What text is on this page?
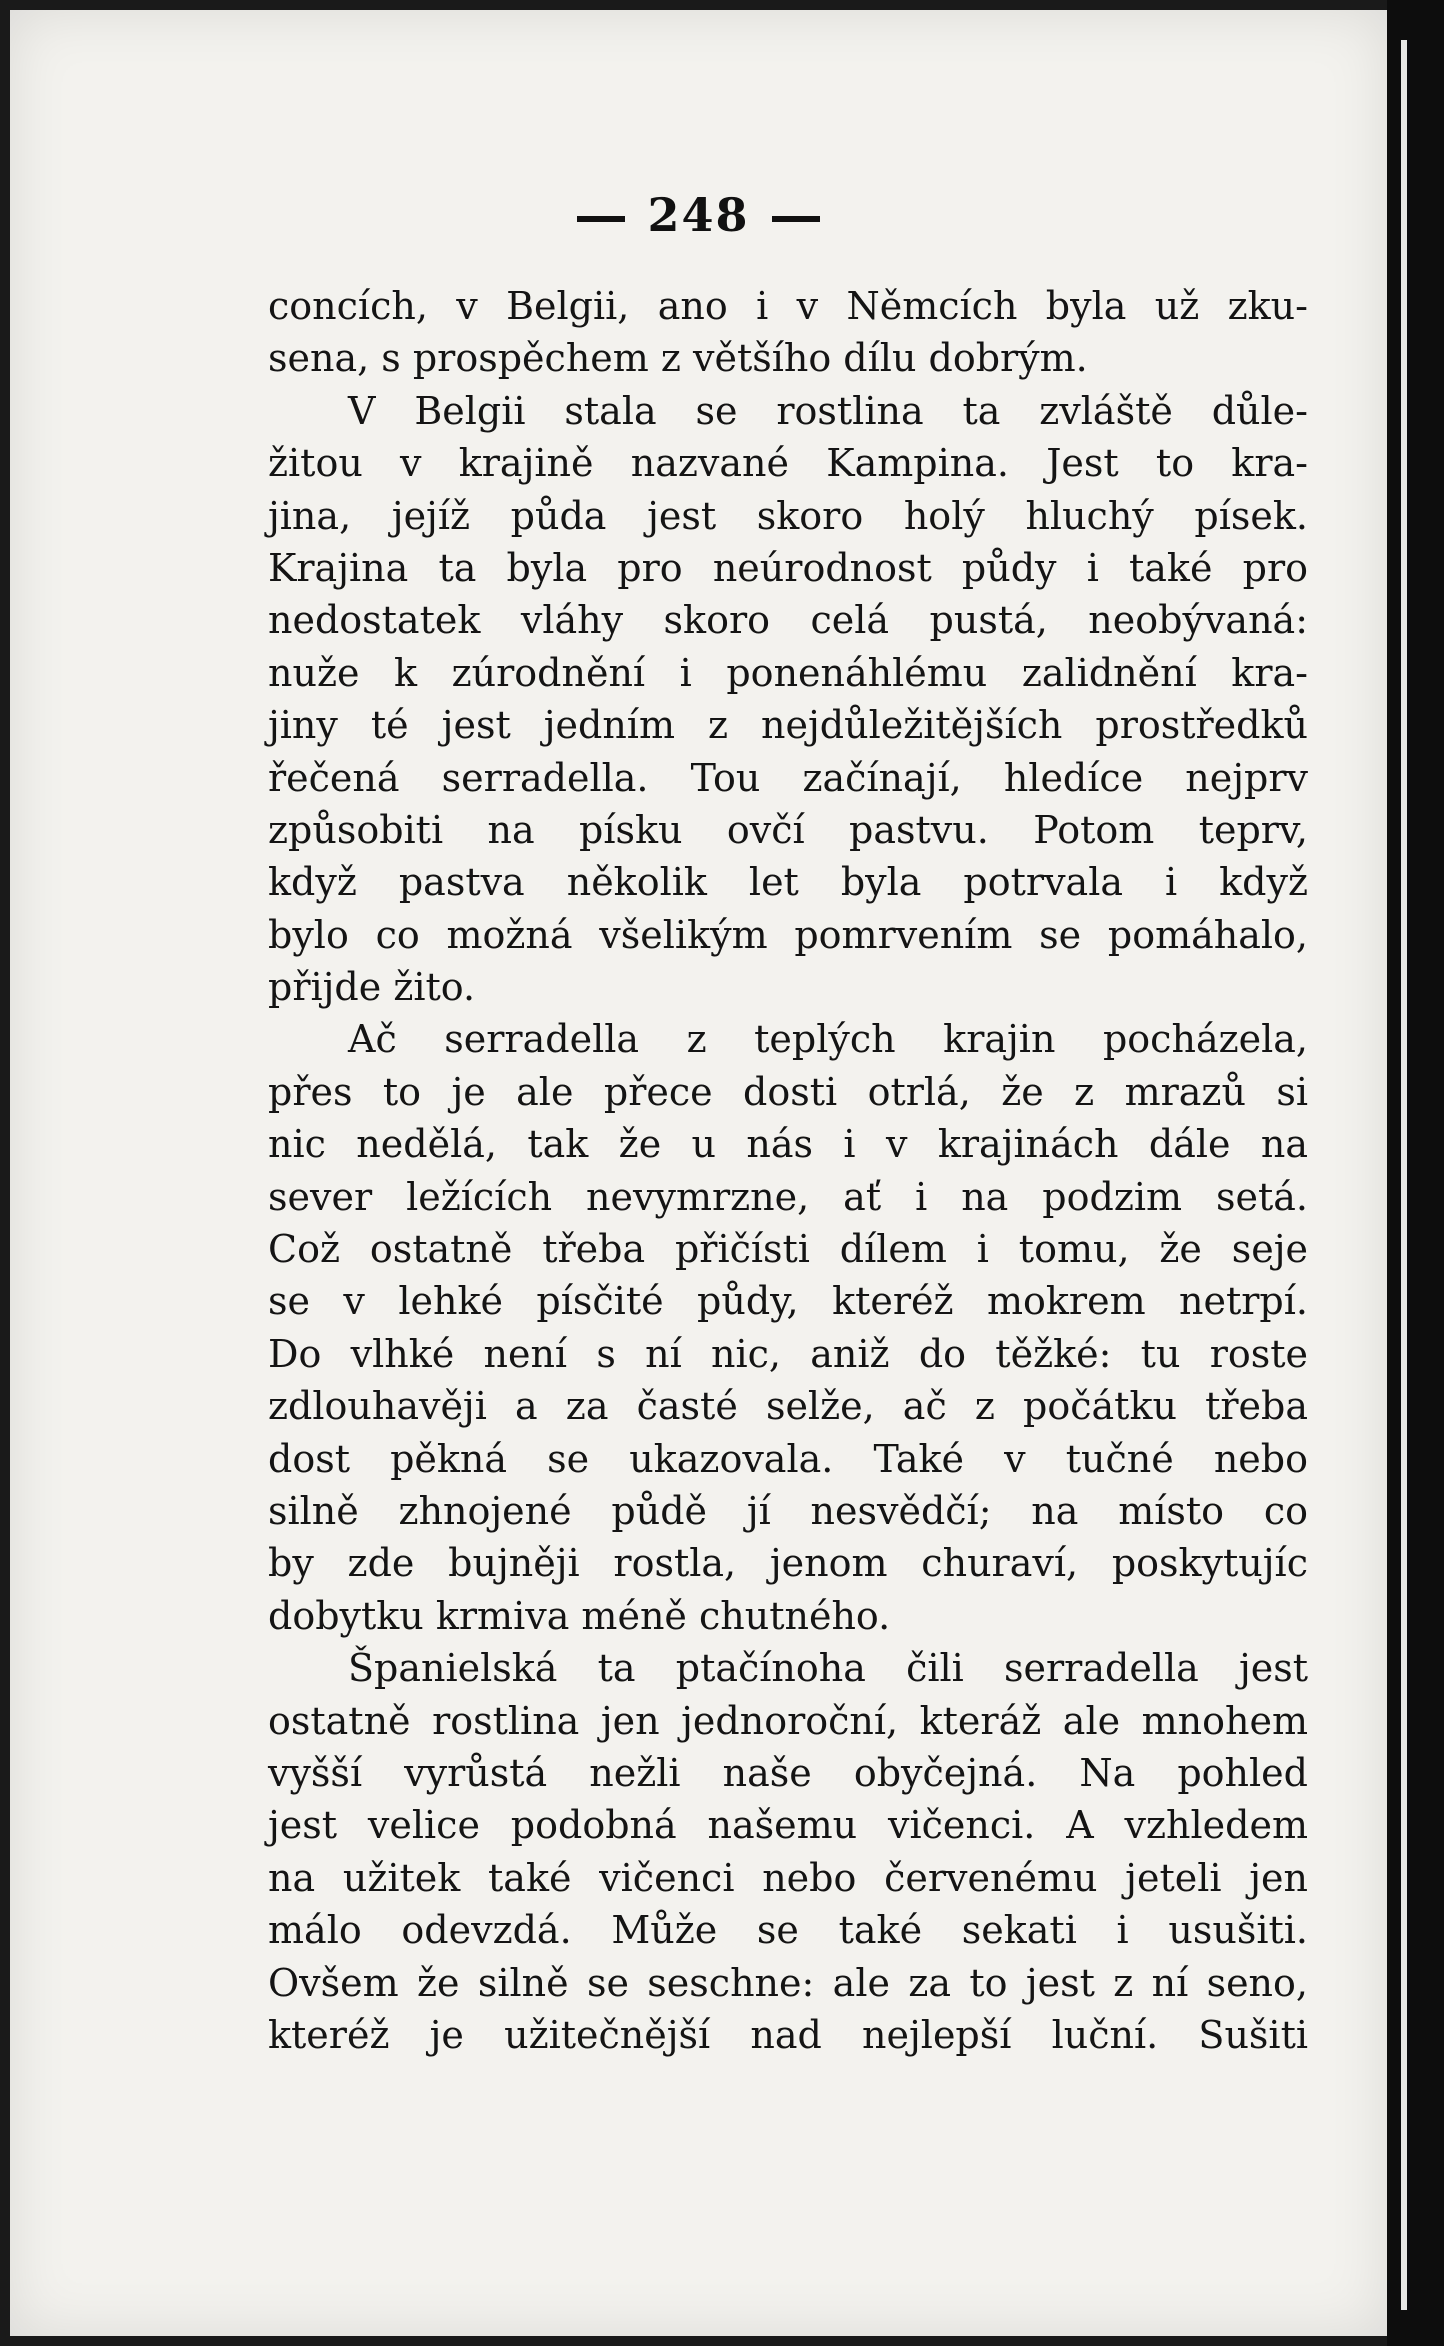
248
concích, v Belgii, ano i v Němcích byla už zku-
sena, s prospěchem z většího dílu dobrým.
V Belgii stala se rostlina ta zvláště důle-
žitou v krajině nazvané Kampina. Jest to kra-
jina, jejíž půda jest skoro holý hluchý písek.
Krajina ta byla pro neúrodnost půdy i také pro
nedostatek vláhy skoro celá pustá, neobývaná:
nuže k zúrodnění i ponenáhlému zalidnění kra-
jiny té jest jedním z nejdůležitějších prostředků
řečená serradella. Tou začínají, hledíce nejprv
způsobiti na písku ovčí pastvu. Potom teprv,
když pastva několik let byla potrvala i když
bylo co možná všelikým pomrvením se pomáhalo,
přijde žito.
Ač serradella z teplých krajin pocházela,
přes to je ale přece dosti otrlá, že z mrazů si
nic nedělá, tak že u nás i v krajinách dále na
sever ležících nevymrzne, ať i na podzim setá.
Což ostatně třeba přičísti dílem i tomu, že seje
se v lehké písčité půdy, kteréž mokrem netrpí.
Do vlhké není s ní nic, aniž do těžké: tu roste
zdlouhavěji a za časté selže, ač z počátku třeba
dost pěkná se ukazovala. Také v tučné nebo
silně zhnojené půdě jí nesvědčí; na místo co
by zde bujněji rostla, jenom churaví, poskytujíc
dobytku krmiva méně chutného.
Španielská ta ptačínoha čili serradella jest
ostatně rostlina jen jednoroční, kteráž ale mnohem
vyšší vyrůstá nežli naše obyčejná. Na pohled
jest velice podobná našemu vičenci. A vzhledem
na užitek také vičenci nebo červenému jeteli jen
málo odevzdá. Může se také sekati i usušiti.
Ovšem že silně se seschne: ale za to jest z ní seno,
kteréž je užitečnější nad nejlepší luční. Sušiti
